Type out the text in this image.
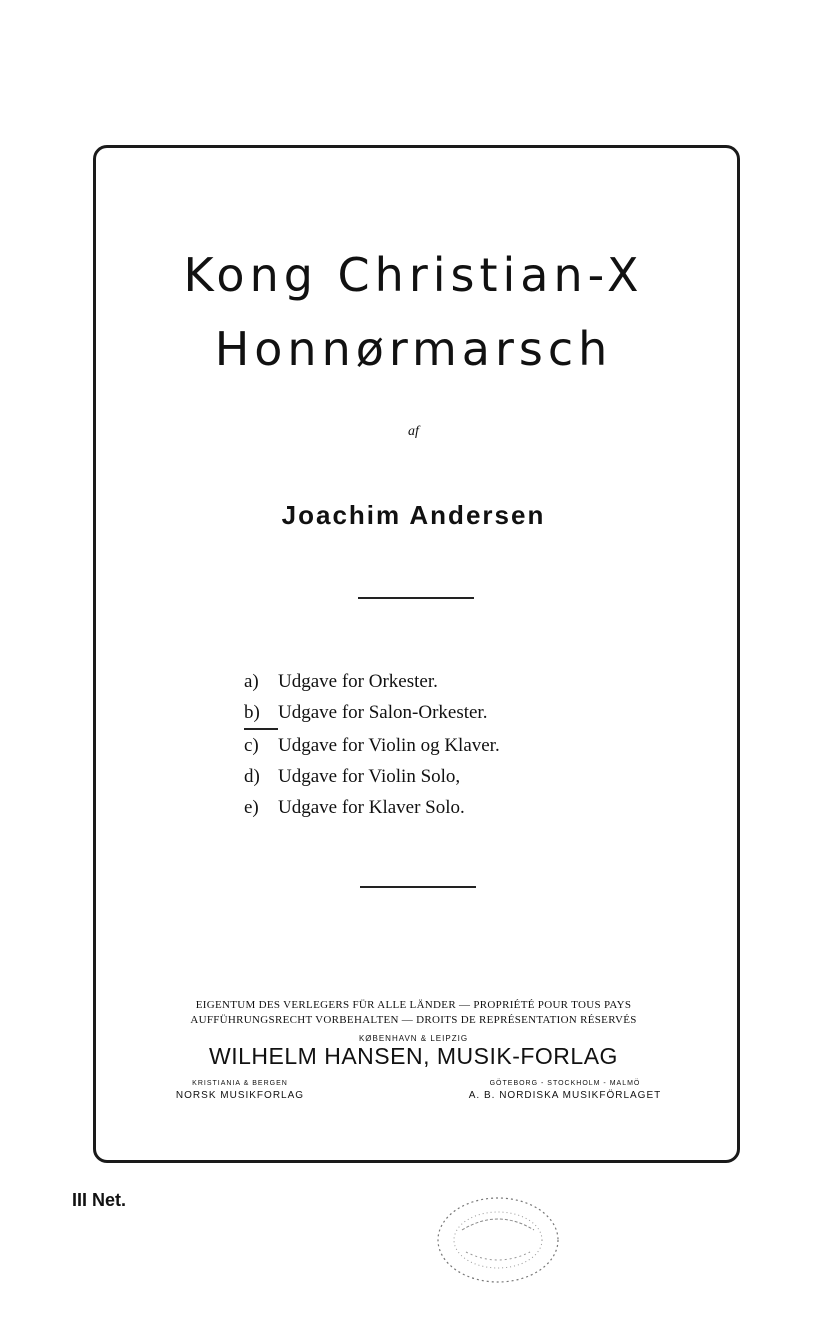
Kong Christian-X
Honnørmarsch
af
Joachim Andersen
a) Udgave for Orkester.
b) Udgave for Salon-Orkester.
c) Udgave for Violin og Klaver.
d) Udgave for Violin Solo,
e) Udgave for Klaver Solo.
EIGENTUM DES VERLEGERS FÜR ALLE LÄNDER — PROPRIÉTÉ POUR TOUS PAYS
AUFFÜHRUNGSRECHT VORBEHALTEN — DROITS DE REPRÉSENTATION RÉSERVÉS
KØBENHAVN & LEIPZIG
WILHELM HANSEN, MUSIK-FORLAG
KRISTIANIA & BERGEN
NORSK MUSIKFORLAG
GÖTEBORG - STOCKHOLM - MALMÖ
A. B. NORDISKA MUSIKFÖRLAGET
III Net.
